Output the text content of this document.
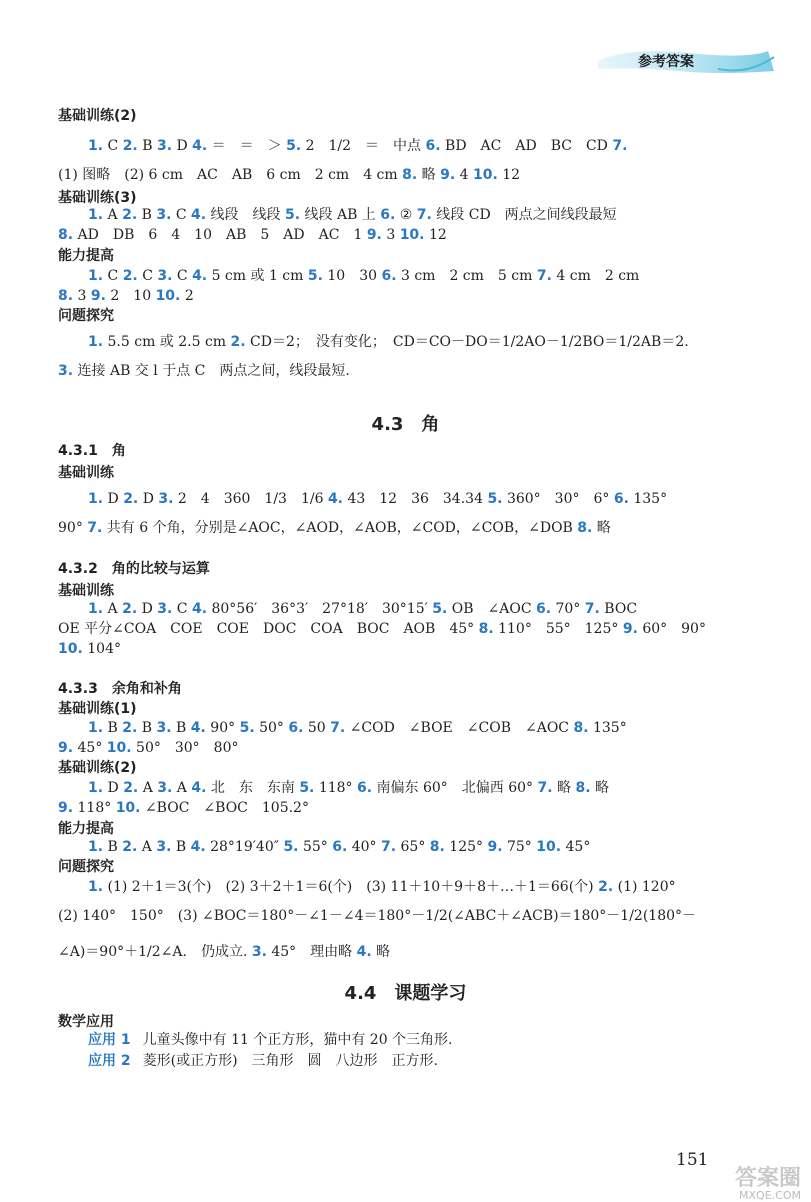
参考答案
基础训练(2)
1. C 2. B 3. D 4. ＝　＝　＞ 5. 2　1/2　＝　中点 6. BD　AC　AD　BC　CD 7.
(1) 图略　(2) 6 cm　AC　AB　6 cm　2 cm　4 cm 8. 略 9. 4 10. 12
基础训练(3)
1. A 2. B 3. C 4. 线段　线段 5. 线段 AB 上 6. ② 7. 线段 CD　两点之间线段最短
8. AD　DB　6　4　10　AB　5　AD　AC　1 9. 3 10. 12
能力提高
1. C 2. C 3. C 4. 5 cm 或 1 cm 5. 10　30 6. 3 cm　2 cm　5 cm 7. 4 cm　2 cm
8. 3 9. 2　10 10. 2
问题探究
1. 5.5 cm 或 2.5 cm 2. CD＝2；　没有变化；　CD＝CO－DO＝1/2AO－1/2BO＝1/2AB＝2.
3. 连接 AB 交 l 于点 C　两点之间，线段最短.
4.3　角
4.3.1　角
基础训练
1. D 2. D 3. 2　4　360　1/3　1/6 4. 43　12　36　34.34 5. 360°　30°　6° 6. 135°
90° 7. 共有 6 个角，分别是∠AOC，∠AOD，∠AOB，∠COD，∠COB，∠DOB 8. 略
4.3.2　角的比较与运算
基础训练
1. A 2. D 3. C 4. 80°56′　36°3′　27°18′　30°15′ 5. OB　∠AOC 6. 70° 7. BOC
OE 平分∠COA　COE　COE　DOC　COA　BOC　AOB　45° 8. 110°　55°　125° 9. 60°　90°
10. 104°
4.3.3　余角和补角
基础训练(1)
1. B 2. B 3. B 4. 90° 5. 50° 6. 50 7. ∠COD　∠BOE　∠COB　∠AOC 8. 135°
9. 45° 10. 50°　30°　80°
基础训练(2)
1. D 2. A 3. A 4. 北　东　东南 5. 118° 6. 南偏东 60°　北偏西 60° 7. 略 8. 略
9. 118° 10. ∠BOC　∠BOC　105.2°
能力提高
1. B 2. A 3. B 4. 28°19′40″ 5. 55° 6. 40° 7. 65° 8. 125° 9. 75° 10. 45°
问题探究
1. (1) 2＋1＝3(个)　(2) 3＋2＋1＝6(个)　(3) 11＋10＋9＋8＋…＋1＝66(个) 2. (1) 120°
(2) 140°　150°　(3) ∠BOC＝180°－∠1－∠4＝180°－1/2(∠ABC＋∠ACB)＝180°－1/2(180°－
∠A)＝90°＋1/2∠A.　仍成立. 3. 45°　理由略 4. 略
4.4　课题学习
数学应用
应用 1 儿童头像中有 11 个正方形，猫中有 20 个三角形.
应用 2 菱形(或正方形)　三角形　圆　八边形　正方形.
151
答案圈
MXQE.COM
